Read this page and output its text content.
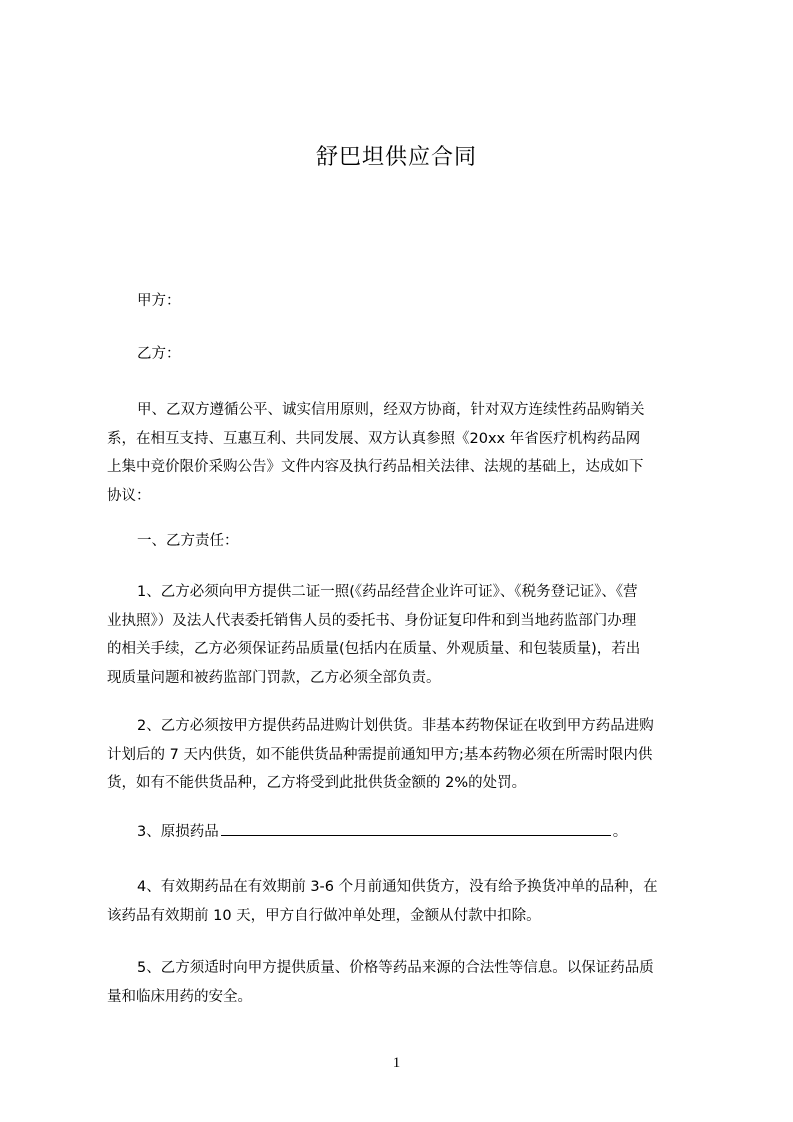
舒巴坦供应合同
甲方：
乙方：
甲、乙双方遵循公平、诚实信用原则，经双方协商，针对双方连续性药品购销关
系，在相互支持、互惠互利、共同发展、双方认真参照《20xx 年省医疗机构药品网
上集中竞价限价采购公告》文件内容及执行药品相关法律、法规的基础上，达成如下
协议：
一、乙方责任：
1、乙方必须向甲方提供二证一照(《药品经营企业许可证》、《税务登记证》、《营
业执照》）及法人代表委托销售人员的委托书、身份证复印件和到当地药监部门办理
的相关手续，乙方必须保证药品质量(包括内在质量、外观质量、和包装质量)，若出
现质量问题和被药监部门罚款，乙方必须全部负责。
2、乙方必须按甲方提供药品进购计划供货。非基本药物保证在收到甲方药品进购
计划后的 7 天内供货，如不能供货品种需提前通知甲方;基本药物必须在所需时限内供
货，如有不能供货品种，乙方将受到此批供货金额的 2%的处罚。
3、原损药品	。
4、有效期药品在有效期前 3-6 个月前通知供货方，没有给予换货冲单的品种，在
该药品有效期前 10 天，甲方自行做冲单处理，金额从付款中扣除。
5、乙方须适时向甲方提供质量、价格等药品来源的合法性等信息。以保证药品质
量和临床用药的安全。
1
